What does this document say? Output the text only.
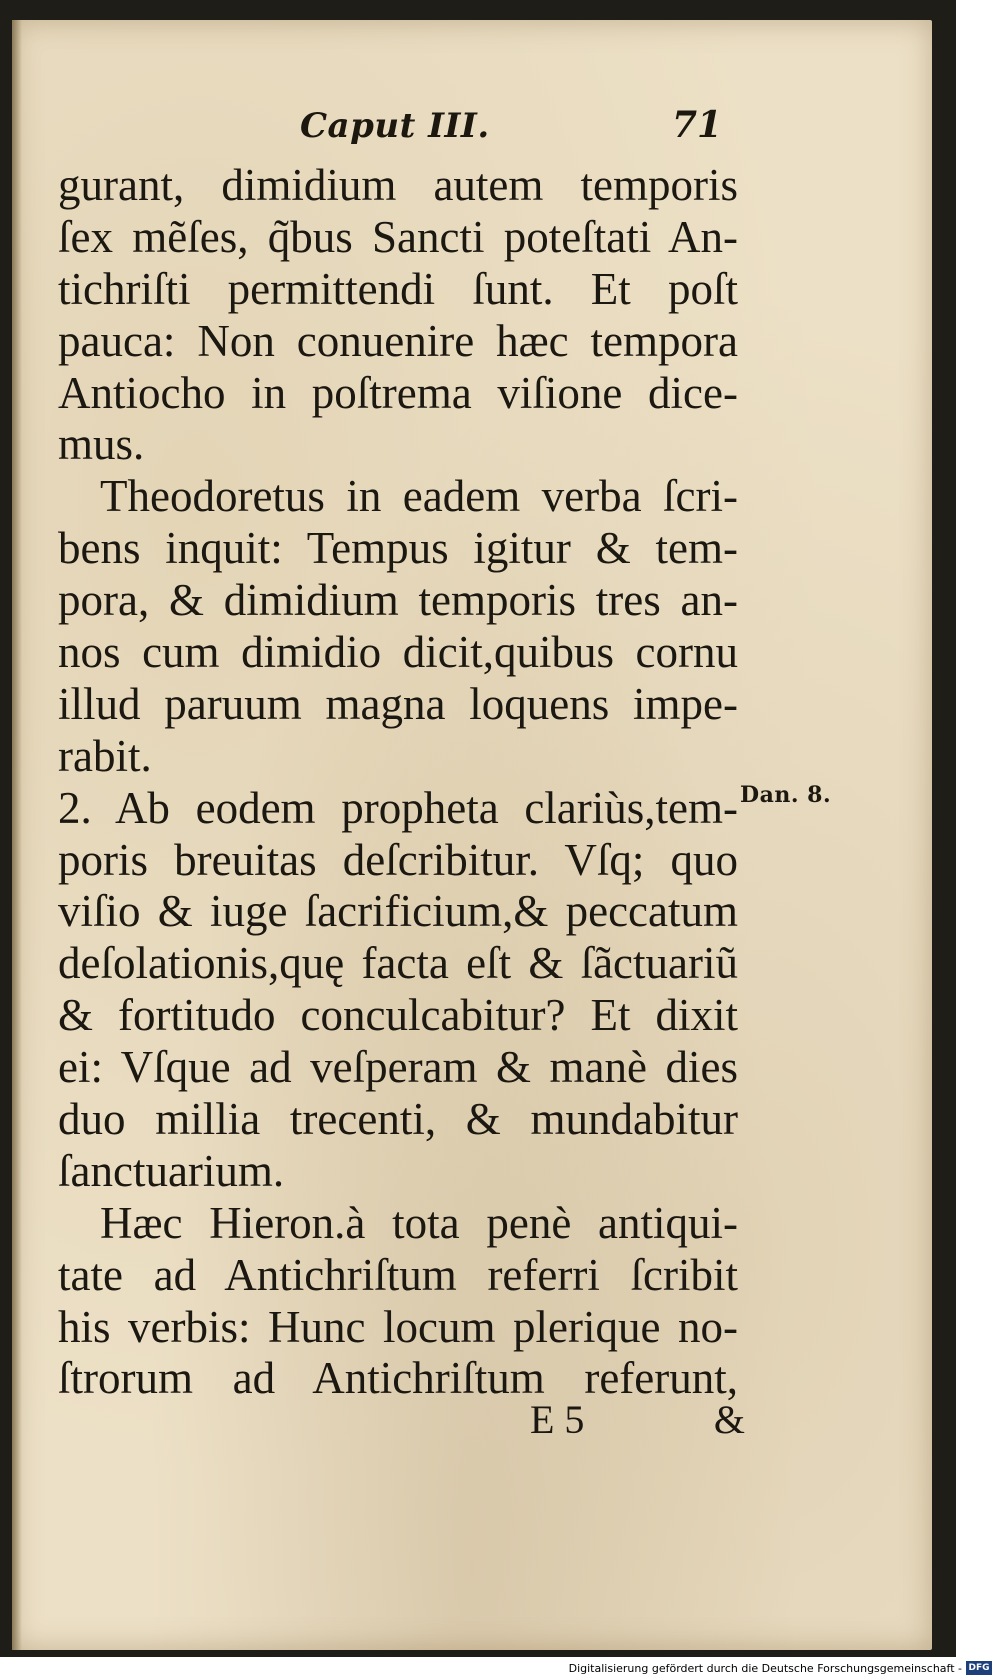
Caput III.	71
gurant, dimidium autem temporis
ſex mẽſes, q̃bus Sancti poteſtati An-
tichriſti permittendi ſunt. Et poſt
pauca: Non conuenire hæc tempora
Antiocho in poſtrema viſione dice-
mus.
Theodoretus in eadem verba ſcri-
bens inquit: Tempus igitur & tem-
pora, & dimidium temporis tres an-
nos cum dimidio dicit,quibus cornu
illud paruum magna loquens impe-
rabit.
2. Ab eodem propheta clariùs,tem-
poris breuitas deſcribitur. Vſq; quo
viſio & iuge ſacrificium,& peccatum
deſolationis,quę facta eſt & ſãctuariũ
& fortitudo conculcabitur? Et dixit
ei: Vſque ad veſperam & manè dies
duo millia trecenti, & mundabitur
ſanctuarium.
Hæc Hieron.à tota penè antiqui-
tate ad Antichriſtum referri ſcribit
his verbis: Hunc locum plerique no-
ſtrorum ad Antichriſtum referunt,
Dan. 8.
E 5	&
Digitalisierung gefördert durch die Deutsche Forschungsgemeinschaft - DFG
